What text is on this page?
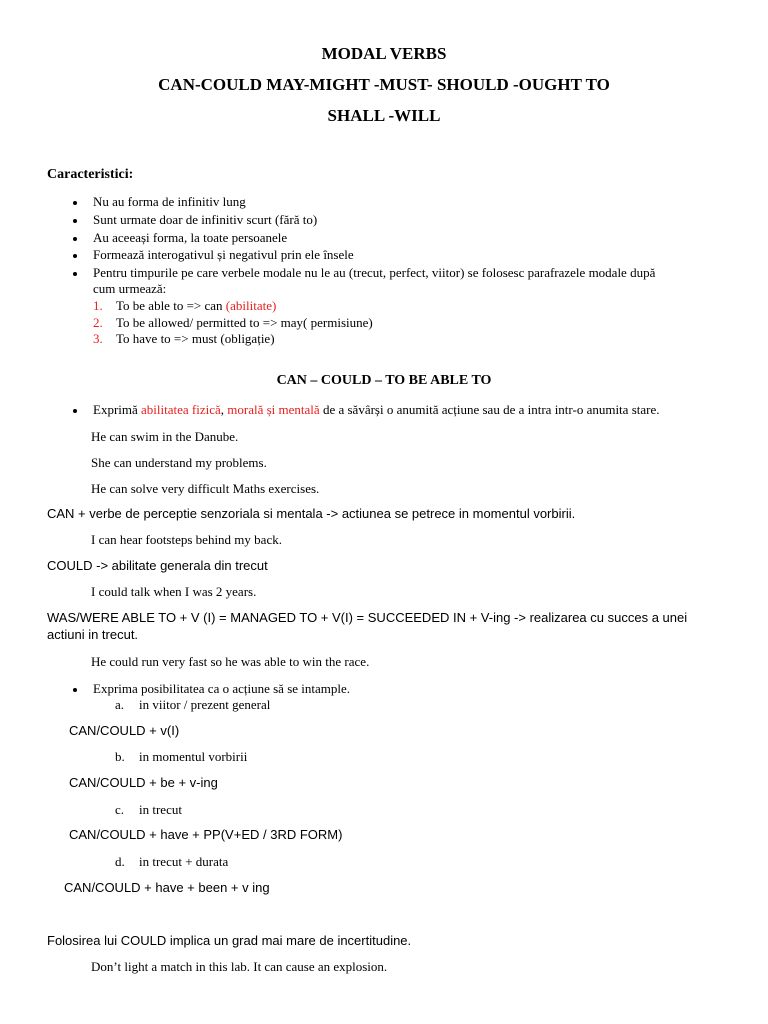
MODAL VERBS
CAN-COULD MAY-MIGHT -MUST- SHOULD -OUGHT TO
SHALL -WILL
Caracteristici:
Nu au forma de infinitiv lung
Sunt urmate doar de infinitiv scurt (fără to)
Au aceeași forma, la toate persoanele
Formează interogativul și negativul prin ele însele
Pentru timpurile pe care verbele modale nu le au (trecut, perfect, viitor) se folosesc parafrazele modale după
cum urmează:
1. To be able to => can (abilitate)
2. To be allowed/ permitted to => may( permisiune)
3. To have to => must (obligație)
CAN – COULD – TO BE ABLE TO
Exprimă abilitatea fizică, morală și mentală de a săvârși o anumită acțiune sau de a intra intr-o anumita stare.
He can swim in the Danube.
She can understand my problems.
He can solve very difficult Maths exercises.
CAN + verbe de perceptie senzoriala si mentala -> actiunea se petrece in momentul vorbirii.
I can hear footsteps behind my back.
COULD -> abilitate generala din trecut
I could talk when I was 2 years.
WAS/WERE ABLE TO + V (I) = MANAGED TO + V(I) = SUCCEEDED IN + V-ing -> realizarea cu succes a unei
actiuni in trecut.
He could run very fast so he was able to win the race.
Exprima posibilitatea ca o acțiune să se intample.
a. in viitor / prezent general
CAN/COULD + v(I)
b. in momentul vorbirii
CAN/COULD + be + v-ing
c. in trecut
CAN/COULD + have + PP(V+ED / 3RD FORM)
d. in trecut + durata
CAN/COULD + have + been + v ing
Folosirea lui COULD implica un grad mai mare de incertitudine.
Don’t light a match in this lab. It can cause an explosion.
